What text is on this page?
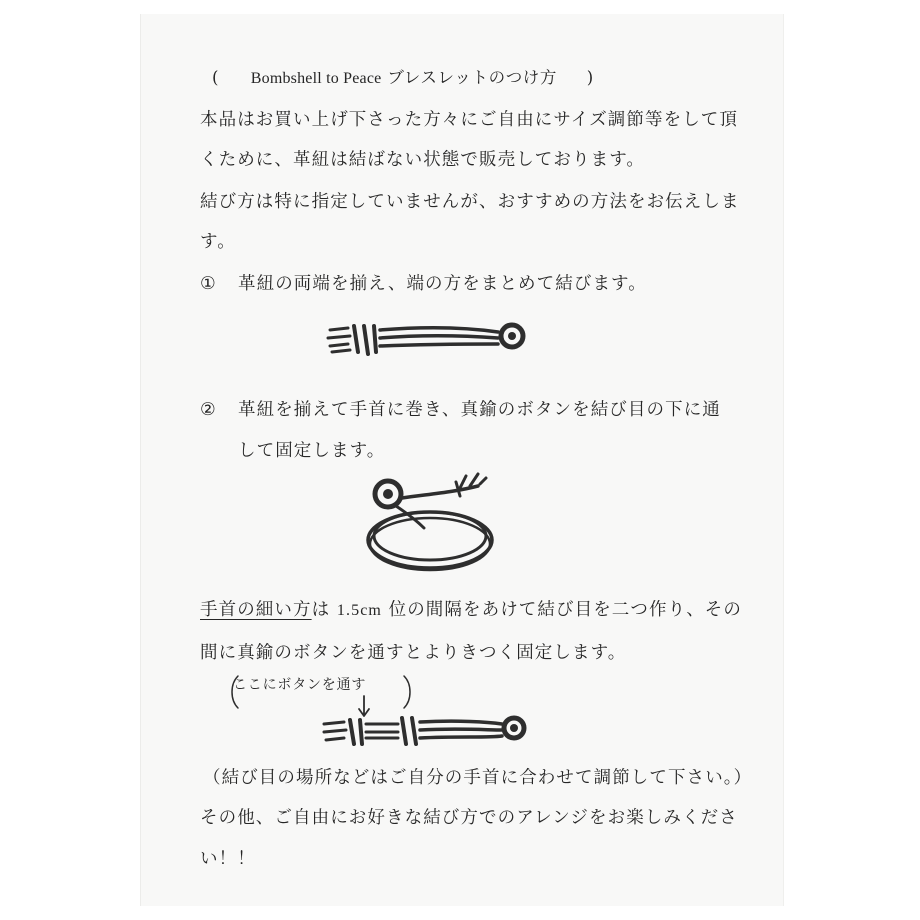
( Bombshell to Peace ブレスレットのつけ方 )
本品はお買い上げ下さった方々にご自由にサイズ調節等をして頂
くために、革紐は結ばない状態で販売しております。
結び方は特に指定していませんが、おすすめの方法をお伝えしま
す。
① 革紐の両端を揃え、端の方をまとめて結びます。
② 革紐を揃えて手首に巻き、真鍮のボタンを結び目の下に通
して固定します。
手首の細い方は 1.5cm 位の間隔をあけて結び目を二つ作り、その
間に真鍮のボタンを通すとよりきつく固定します。
ここにボタンを通す
（結び目の場所などはご自分の手首に合わせて調節して下さい。）
その他、ご自由にお好きな結び方でのアレンジをお楽しみくださ
い！！
